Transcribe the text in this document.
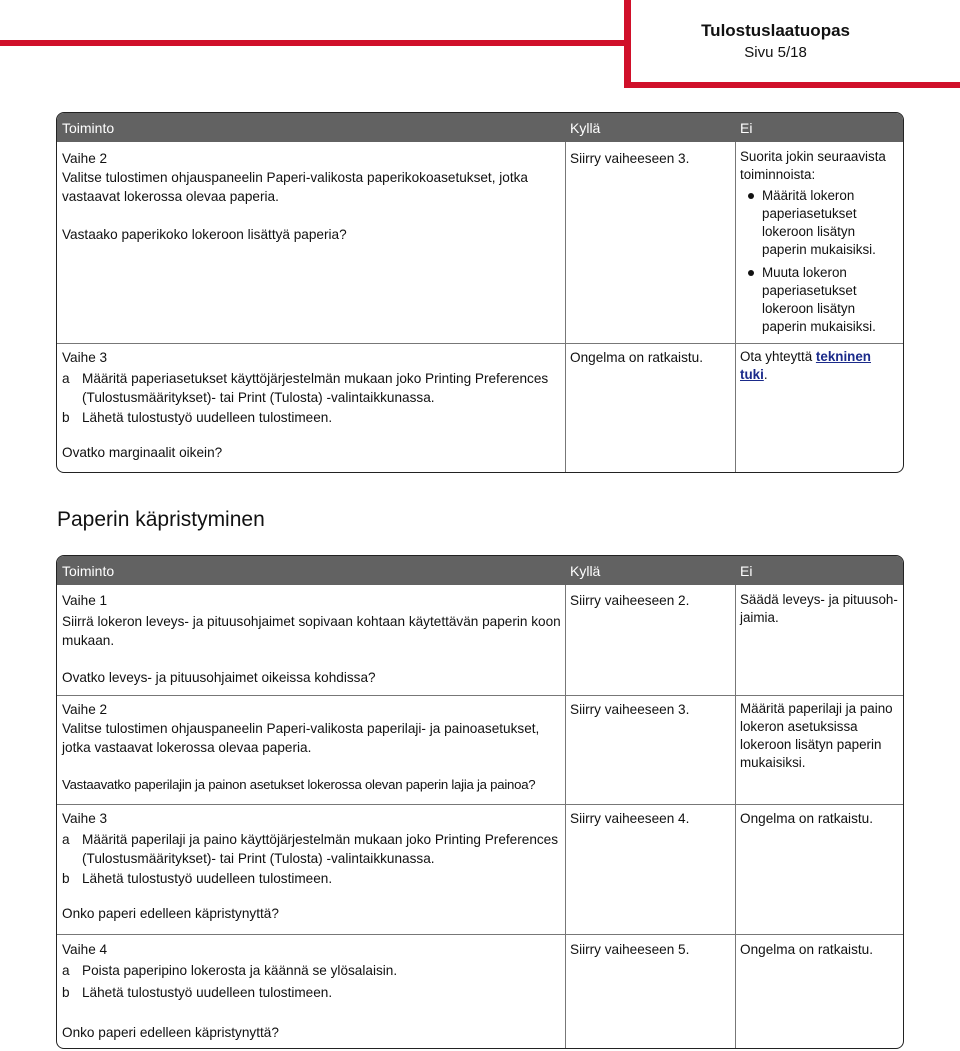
Tulostuslaatuopas
Sivu 5/18
Toiminto	Kyllä	Ei
Vaihe 2
Valitse tulostimen ohjauspaneelin Paperi-valikosta paperikokoasetukset, jotka
vastaavat lokerossa olevaa paperia.
Vastaako paperikoko lokeroon lisättyä paperia?
Siirry vaiheeseen 3.	Suorita jokin seuraavista
toiminnoista:
Määritä lokeron
paperiasetukset
lokeroon lisätyn
paperin mukaisiksi.
Muuta lokeron
paperiasetukset
lokeroon lisätyn
paperin mukaisiksi.
Vaihe 3
a Määritä paperiasetukset käyttöjärjestelmän mukaan joko Printing Preferences
(Tulostusmääritykset)- tai Print (Tulosta) -valintaikkunassa.
b Lähetä tulostustyö uudelleen tulostimeen.
Ovatko marginaalit oikein?
Ongelma on ratkaistu.	Ota yhteyttä tekninen
tuki.
Paperin käpristyminen
Toiminto	Kyllä	Ei
Vaihe 1
Siirrä lokeron leveys- ja pituusohjaimet sopivaan kohtaan käytettävän paperin koon
mukaan.
Ovatko leveys- ja pituusohjaimet oikeissa kohdissa?
Siirry vaiheeseen 2.	Säädä leveys- ja pituusoh-
jaimia.
Vaihe 2
Valitse tulostimen ohjauspaneelin Paperi-valikosta paperilaji- ja painoasetukset,
jotka vastaavat lokerossa olevaa paperia.
Vastaavatko paperilajin ja painon asetukset lokerossa olevan paperin lajia ja painoa?
Siirry vaiheeseen 3.	Määritä paperilaji ja paino
lokeron asetuksissa
lokeroon lisätyn paperin
mukaisiksi.
Vaihe 3
a Määritä paperilaji ja paino käyttöjärjestelmän mukaan joko Printing Preferences
(Tulostusmääritykset)- tai Print (Tulosta) -valintaikkunassa.
b Lähetä tulostustyö uudelleen tulostimeen.
Onko paperi edelleen käpristynyttä?
Siirry vaiheeseen 4.	Ongelma on ratkaistu.
Vaihe 4
a Poista paperipino lokerosta ja käännä se ylösalaisin.
b Lähetä tulostustyö uudelleen tulostimeen.
Onko paperi edelleen käpristynyttä?
Siirry vaiheeseen 5.	Ongelma on ratkaistu.
